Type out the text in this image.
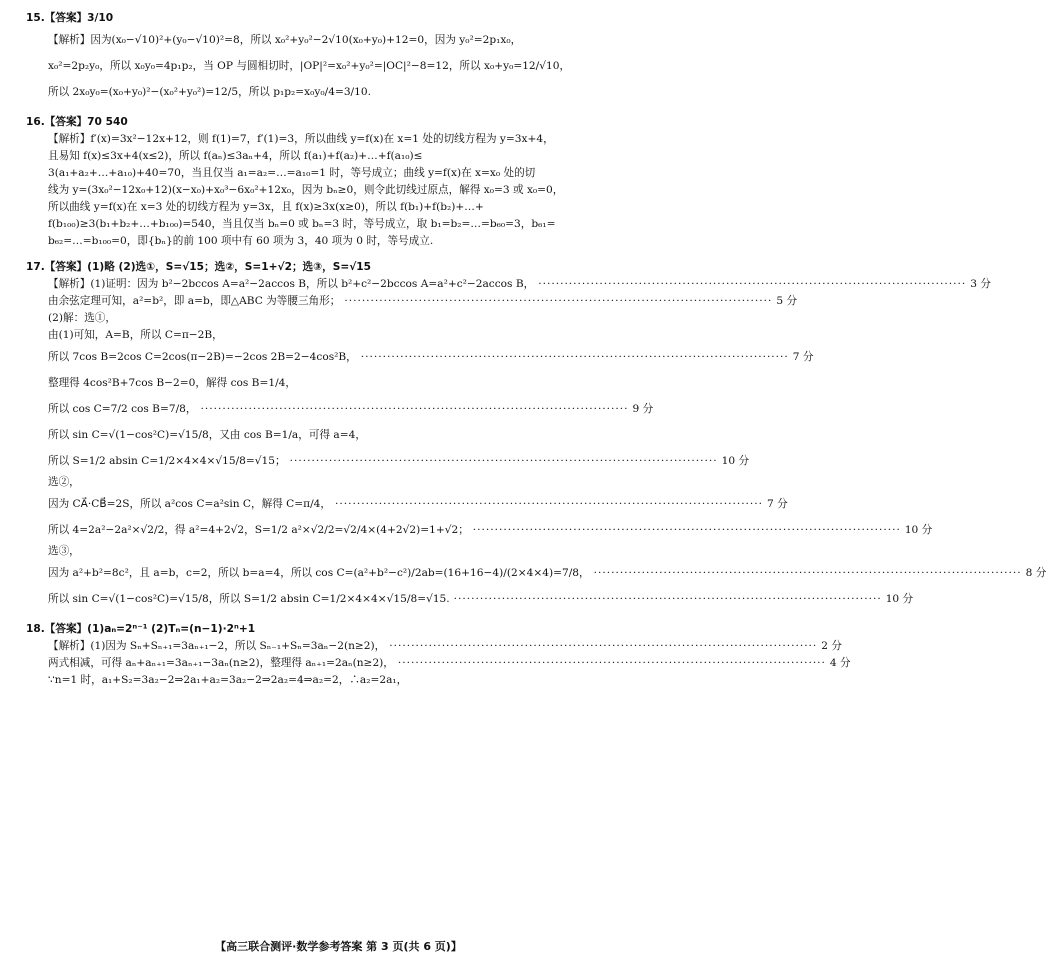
15.【答案】3/10
【解析】因为(x₀−√10)²+(y₀−√10)²=8，所以 x₀²+y₀²−2√10(x₀+y₀)+12=0，因为 y₀²=2p₁x₀，
x₀²=2p₂y₀，所以 x₀y₀=4p₁p₂，当 OP 与圆相切时，|OP|²=x₀²+y₀²=|OC|²−8=12，所以 x₀+y₀=12/√10，
所以 2x₀y₀=(x₀+y₀)²−(x₀²+y₀²)=12/5，所以 p₁p₂=x₀y₀/4=3/10.
16.【答案】70 540
【解析】f′(x)=3x²−12x+12，则 f(1)=7，f′(1)=3，所以曲线 y=f(x)在 x=1 处的切线方程为 y=3x+4，
且易知 f(x)≤3x+4(x≤2)，所以 f(aₙ)≤3aₙ+4，所以 f(a₁)+f(a₂)+…+f(a₁₀)≤
3(a₁+a₂+…+a₁₀)+40=70，当且仅当 a₁=a₂=…=a₁₀=1 时，等号成立；曲线 y=f(x)在 x=x₀ 处的切
线为 y=(3x₀²−12x₀+12)(x−x₀)+x₀³−6x₀²+12x₀，因为 bₙ≥0，则令此切线过原点，解得 x₀=3 或 x₀=0，
所以曲线 y=f(x)在 x=3 处的切线方程为 y=3x，且 f(x)≥3x(x≥0)，所以 f(b₁)+f(b₂)+…+
f(b₁₀₀)≥3(b₁+b₂+…+b₁₀₀)=540，当且仅当 bₙ=0 或 bₙ=3 时，等号成立，取 b₁=b₂=…=b₆₀=3，b₆₁=
b₆₂=…=b₁₀₀=0，即{bₙ}的前 100 项中有 60 项为 3，40 项为 0 时，等号成立.
17.【答案】(1)略 (2)选①，S=√15；选②，S=1+√2；选③，S=√15
【解析】(1)证明：因为 b²−2bccos A=a²−2accos B，所以 b²+c²−2bccos A=a²+c²−2accos B， ·································································································· 3 分
由余弦定理可知，a²=b²，即 a=b，即△ABC 为等腰三角形； ·································································································· 5 分
(2)解：选①，
由(1)可知，A=B，所以 C=π−2B，
所以 7cos B=2cos C=2cos(π−2B)=−2cos 2B=2−4cos²B， ·································································································· 7 分
整理得 4cos²B+7cos B−2=0，解得 cos B=1/4，
所以 cos C=7/2 cos B=7/8， ·································································································· 9 分
所以 sin C=√(1−cos²C)=√15/8，又由 cos B=1/a，可得 a=4，
所以 S=1/2 absin C=1/2×4×4×√15/8=√15； ·································································································· 10 分
选②，
因为 CA⃗·CB⃗=2S，所以 a²cos C=a²sin C，解得 C=π/4， ·································································································· 7 分
所以 4=2a²−2a²×√2/2，得 a²=4+2√2，S=1/2 a²×√2/2=√2/4×(4+2√2)=1+√2； ·································································································· 10 分
选③，
因为 a²+b²=8c²，且 a=b，c=2，所以 b=a=4，所以 cos C=(a²+b²−c²)/2ab=(16+16−4)/(2×4×4)=7/8， ·································································································· 8 分
所以 sin C=√(1−cos²C)=√15/8，所以 S=1/2 absin C=1/2×4×4×√15/8=√15. ·································································································· 10 分
18.【答案】(1)aₙ=2ⁿ⁻¹ (2)Tₙ=(n−1)·2ⁿ+1
【解析】(1)因为 Sₙ+Sₙ₊₁=3aₙ₊₁−2，所以 Sₙ₋₁+Sₙ=3aₙ−2(n≥2)， ·································································································· 2 分
两式相减，可得 aₙ+aₙ₊₁=3aₙ₊₁−3aₙ(n≥2)，整理得 aₙ₊₁=2aₙ(n≥2)， ·································································································· 4 分
∵n=1 时，a₁+S₂=3a₂−2⇒2a₁+a₂=3a₂−2⇒2a₂=4⇒a₂=2，∴a₂=2a₁，
【高三联合测评·数学参考答案 第 3 页(共 6 页)】
